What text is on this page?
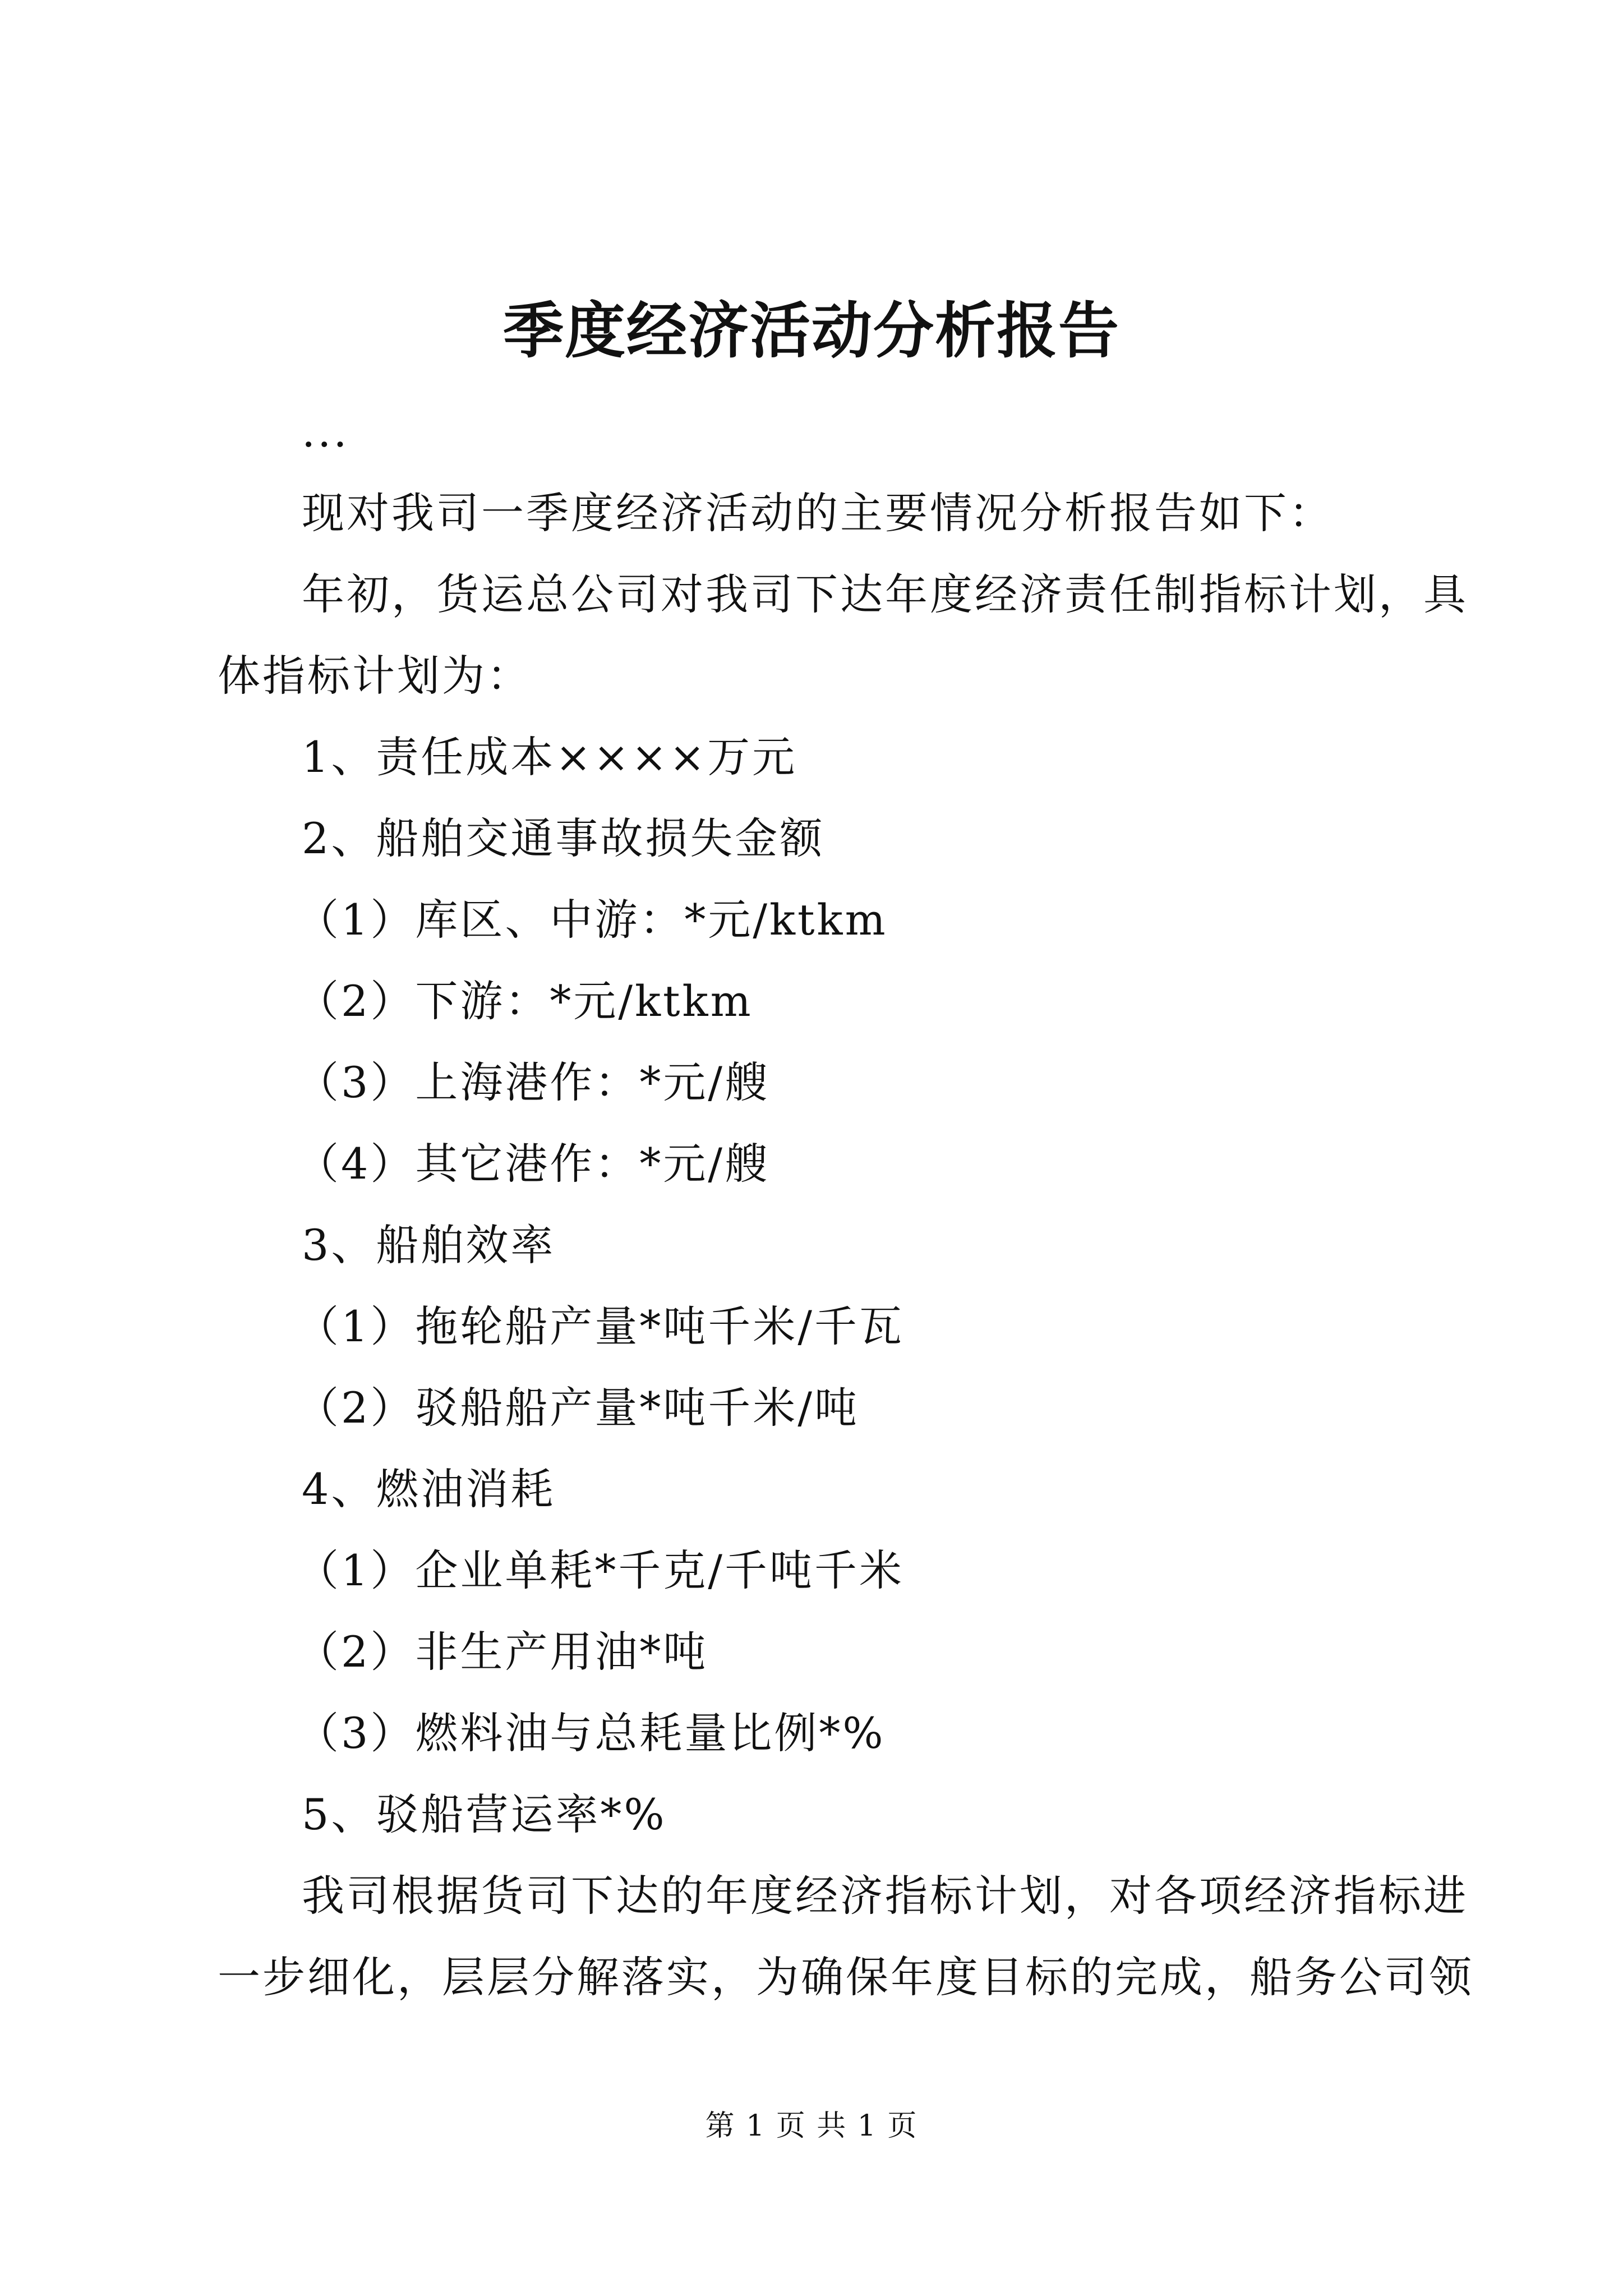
季度经济活动分析报告
...
现对我司一季度经济活动的主要情况分析报告如下：
年初，货运总公司对我司下达年度经济责任制指标计划，具
体指标计划为：
1、责任成本××××万元
2、船舶交通事故损失金额
（1）库区、中游：*元/ktkm
（2）下游：*元/ktkm
（3）上海港作：*元/艘
（4）其它港作：*元/艘
3、船舶效率
（1）拖轮船产量*吨千米/千瓦
（2）驳船船产量*吨千米/吨
4、燃油消耗
（1）企业单耗*千克/千吨千米
（2）非生产用油*吨
（3）燃料油与总耗量比例*%
5、驳船营运率*%
我司根据货司下达的年度经济指标计划，对各项经济指标进
一步细化，层层分解落实，为确保年度目标的完成，船务公司领
第 1 页 共 1 页
